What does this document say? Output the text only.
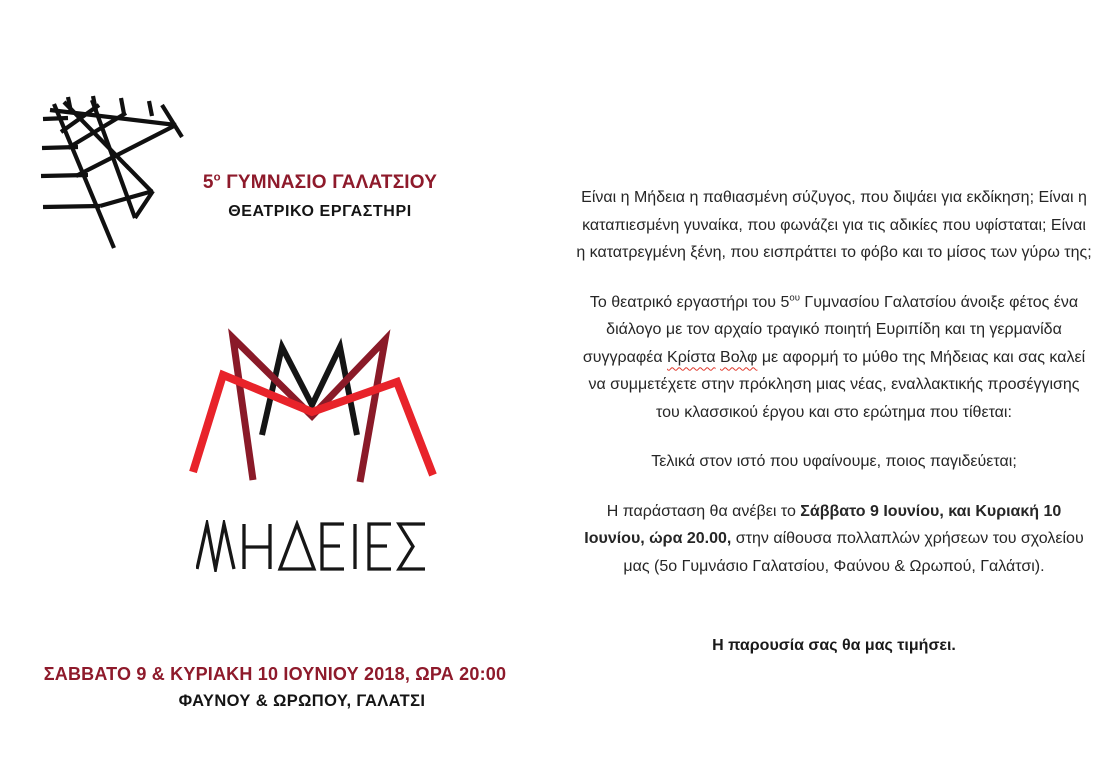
$5^o$ ΓΥΜΝΑΣΙΟ ΓΑΛΑΤΣΙΟΥ
ΘΕΑΤΡΙΚΟ ΕΡΓΑΣΤΗΡΙ
ΣΑΒΒΑΤΟ 9 & ΚΥΡΙΑΚΗ 10 ΙΟΥΝΙΟΥ 2018, ΩΡΑ 20:00
ΦΑΥΝΟΥ & ΩΡΩΠΟΥ, ΓΑΛΑΤΣΙ

Είναι η Μήδεια η παθιασμένη σύζυγος, που διψάει για εκδίκηση; Είναι η καταπιεσμένη γυναίκα, που φωνάζει για τις αδικίες που υφίσταται; Είναι η κατατρεγμένη ξένη, που εισπράττει το φόβο και το μίσος των γύρω της;

Το θεατρικό εργαστήρι του $5^{o\upsilon}$ Γυμνασίου Γαλατσίου άνοιξε φέτος ένα διάλογο με τον αρχαίο τραγικό ποιητή Ευριπίδη και τη γερμανίδα συγγραφέα Κρίστα Βολφ με αφορμή το μύθο της Μήδειας και σας καλεί να συμμετέχετε στην πρόκληση μιας νέας, εναλλακτικής προσέγγισης του κλασσικού έργου και στο ερώτημα που τίθεται:

Τελικά στον ιστό που υφαίνουμε, ποιος παγιδεύεται;

Η παράσταση θα ανέβει το Σάββατο 9 Ιουνίου, και Κυριακή 10 Ιουνίου, ώρα 20.00, στην αίθουσα πολλαπλών χρήσεων του σχολείου μας (5ο Γυμνάσιο Γαλατσίου, Φαύνου & Ωρωπού, Γαλάτσι).

Η παρουσία σας θα μας τιμήσει.
